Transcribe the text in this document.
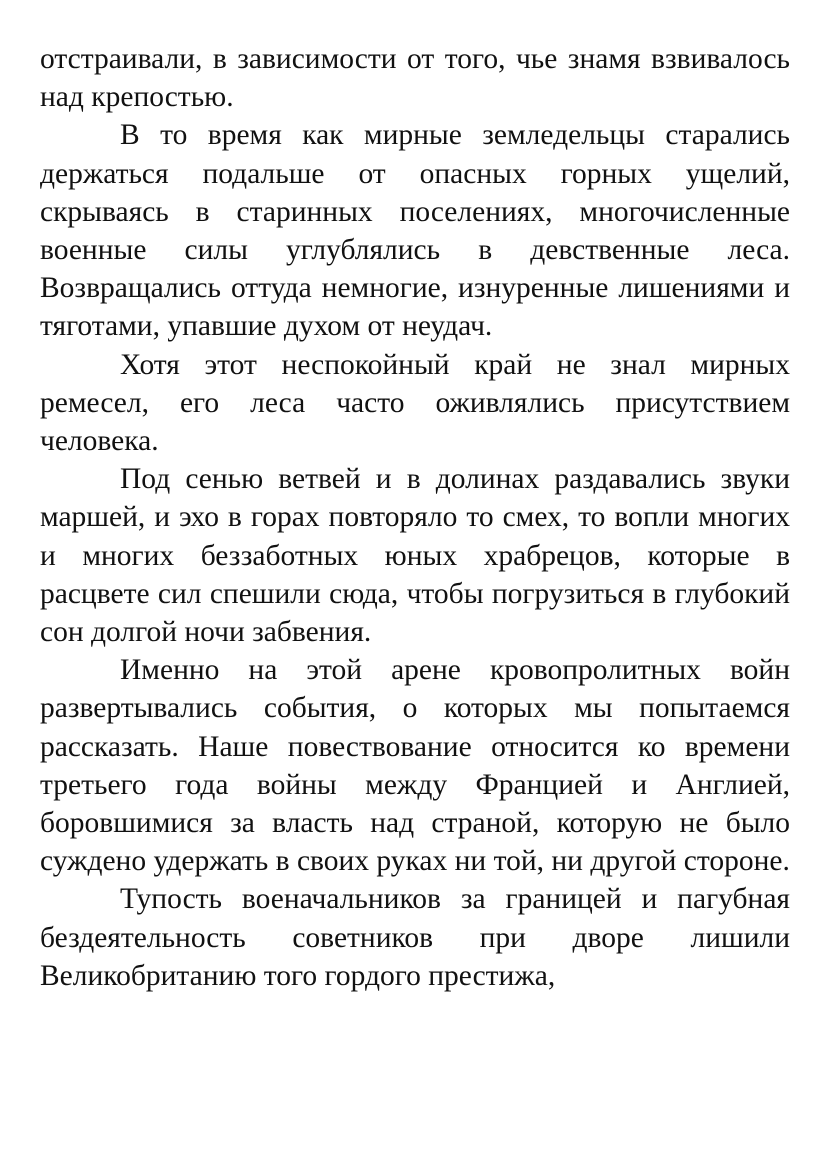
отстраивали, в зависимости от того, чье знамя взвивалось над крепостью.

В то время как мирные земледельцы старались держаться подальше от опасных горных ущелий, скрываясь в старинных поселениях, многочисленные военные силы углублялись в девственные леса. Возвращались оттуда немногие, изнуренные лишениями и тяготами, упавшие духом от неудач.

Хотя этот неспокойный край не знал мирных ремесел, его леса часто оживлялись присутствием человека.

Под сенью ветвей и в долинах раздавались звуки маршей, и эхо в горах повторяло то смех, то вопли многих и многих беззаботных юных храбрецов, которые в расцвете сил спешили сюда, чтобы погрузиться в глубокий сон долгой ночи забвения.

Именно на этой арене кровопролитных войн развертывались события, о которых мы попытаемся рассказать. Наше повествование относится ко времени третьего года войны между Францией и Англией, боровшимися за власть над страной, которую не было суждено удержать в своих руках ни той, ни другой стороне.

Тупость военачальников за границей и пагубная бездеятельность советников при дворе лишили Великобританию того гордого престижа,
